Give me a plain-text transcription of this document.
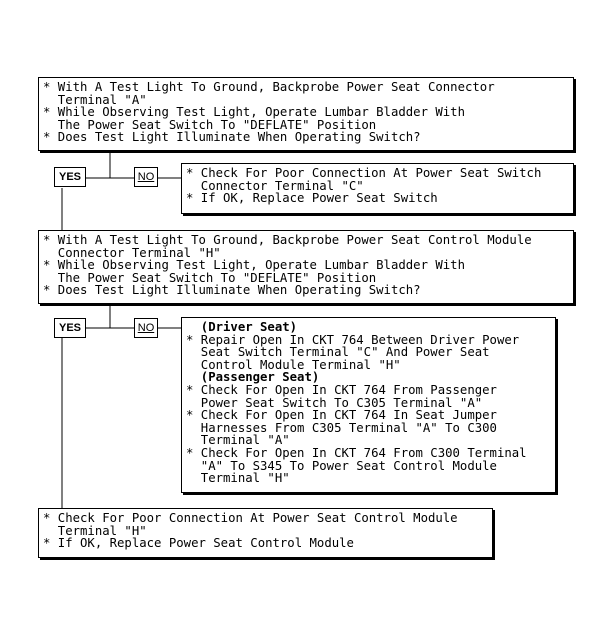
* With A Test Light To Ground, Backprobe Power Seat Connector
Terminal "A"
* While Observing Test Light, Operate Lumbar Bladder With
The Power Seat Switch To "DEFLATE" Position
* Does Test Light Illuminate When Operating Switch?
YES	NO	* Check For Poor Connection At Power Seat Switch
Connector Terminal "C"
* If OK, Replace Power Seat Switch
* With A Test Light To Ground, Backprobe Power Seat Control Module
Connector Terminal "H"
* While Observing Test Light, Operate Lumbar Bladder With
The Power Seat Switch To "DEFLATE" Position
* Does Test Light Illuminate When Operating Switch?
YES	NO	(Driver Seat)
* Repair Open In CKT 764 Between Driver Power
Seat Switch Terminal "C" And Power Seat
Control Module Terminal "H"
(Passenger Seat)
* Check For Open In CKT 764 From Passenger
Power Seat Switch To C305 Terminal "A"
* Check For Open In CKT 764 In Seat Jumper
Harnesses From C305 Terminal "A" To C300
Terminal "A"
* Check For Open In CKT 764 From C300 Terminal
"A" To S345 To Power Seat Control Module
Terminal "H"
* Check For Poor Connection At Power Seat Control Module
Terminal "H"
* If OK, Replace Power Seat Control Module
